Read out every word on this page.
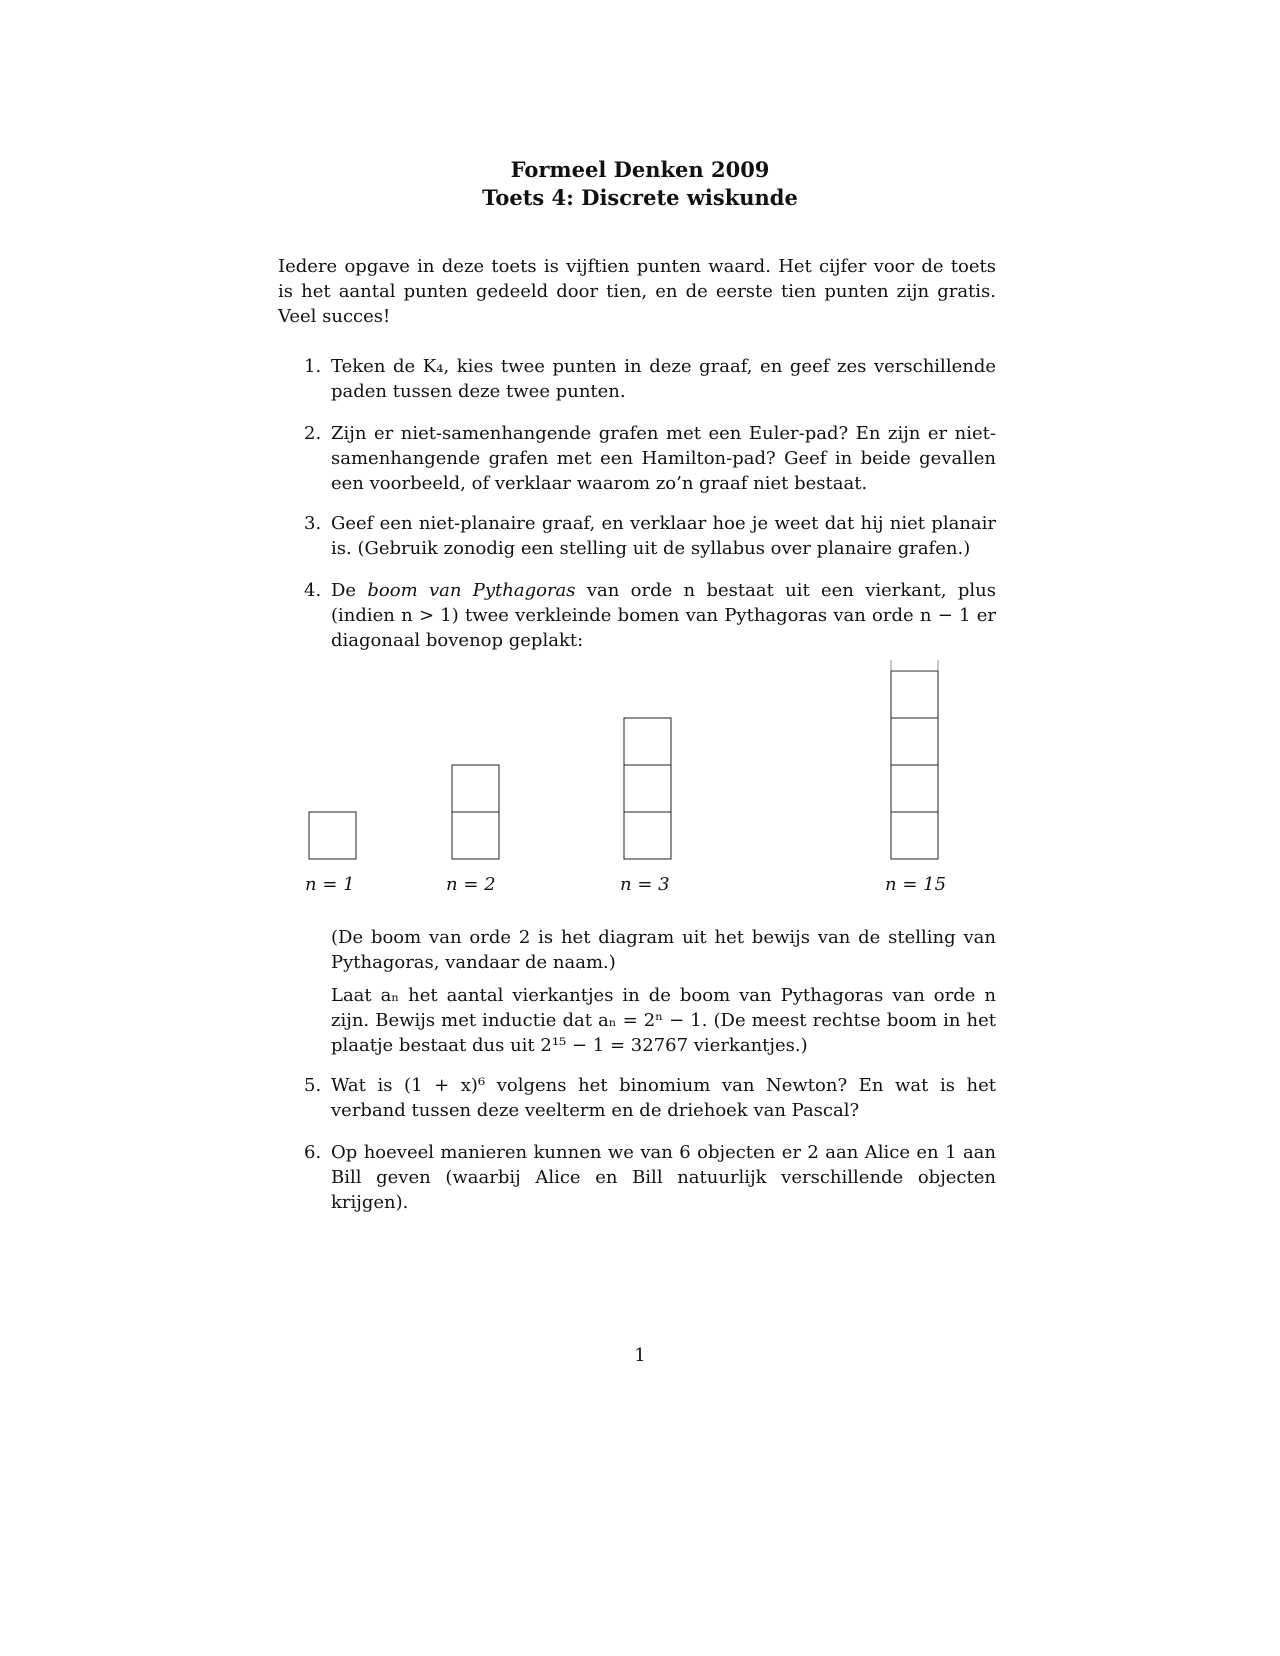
Formeel Denken 2009
Toets 4: Discrete wiskunde
Iedere opgave in deze toets is vijftien punten waard. Het cijfer voor de toets is het aantal punten gedeeld door tien, en de eerste tien punten zijn gratis. Veel succes!
1. Teken de K₄, kies twee punten in deze graaf, en geef zes verschillende paden tussen deze twee punten.
2. Zijn er niet-samenhangende grafen met een Euler-pad? En zijn er niet-samenhangende grafen met een Hamilton-pad? Geef in beide gevallen een voorbeeld, of verklaar waarom zo’n graaf niet bestaat.
3. Geef een niet-planaire graaf, en verklaar hoe je weet dat hij niet planair is. (Gebruik zonodig een stelling uit de syllabus over planaire grafen.)
4. De boom van Pythagoras van orde n bestaat uit een vierkant, plus (indien n > 1) twee verkleinde bomen van Pythagoras van orde n − 1 er diagonaal bovenop geplakt:
n = 1	n = 2	n = 3	n = 15
(De boom van orde 2 is het diagram uit het bewijs van de stelling van Pythagoras, vandaar de naam.)
Laat aₙ het aantal vierkantjes in de boom van Pythagoras van orde n zijn. Bewijs met inductie dat aₙ = 2ⁿ − 1. (De meest rechtse boom in het plaatje bestaat dus uit 2¹⁵ − 1 = 32767 vierkantjes.)
5. Wat is (1 + x)⁶ volgens het binomium van Newton? En wat is het verband tussen deze veelterm en de driehoek van Pascal?
6. Op hoeveel manieren kunnen we van 6 objecten er 2 aan Alice en 1 aan Bill geven (waarbij Alice en Bill natuurlijk verschillende objecten krijgen).
1
